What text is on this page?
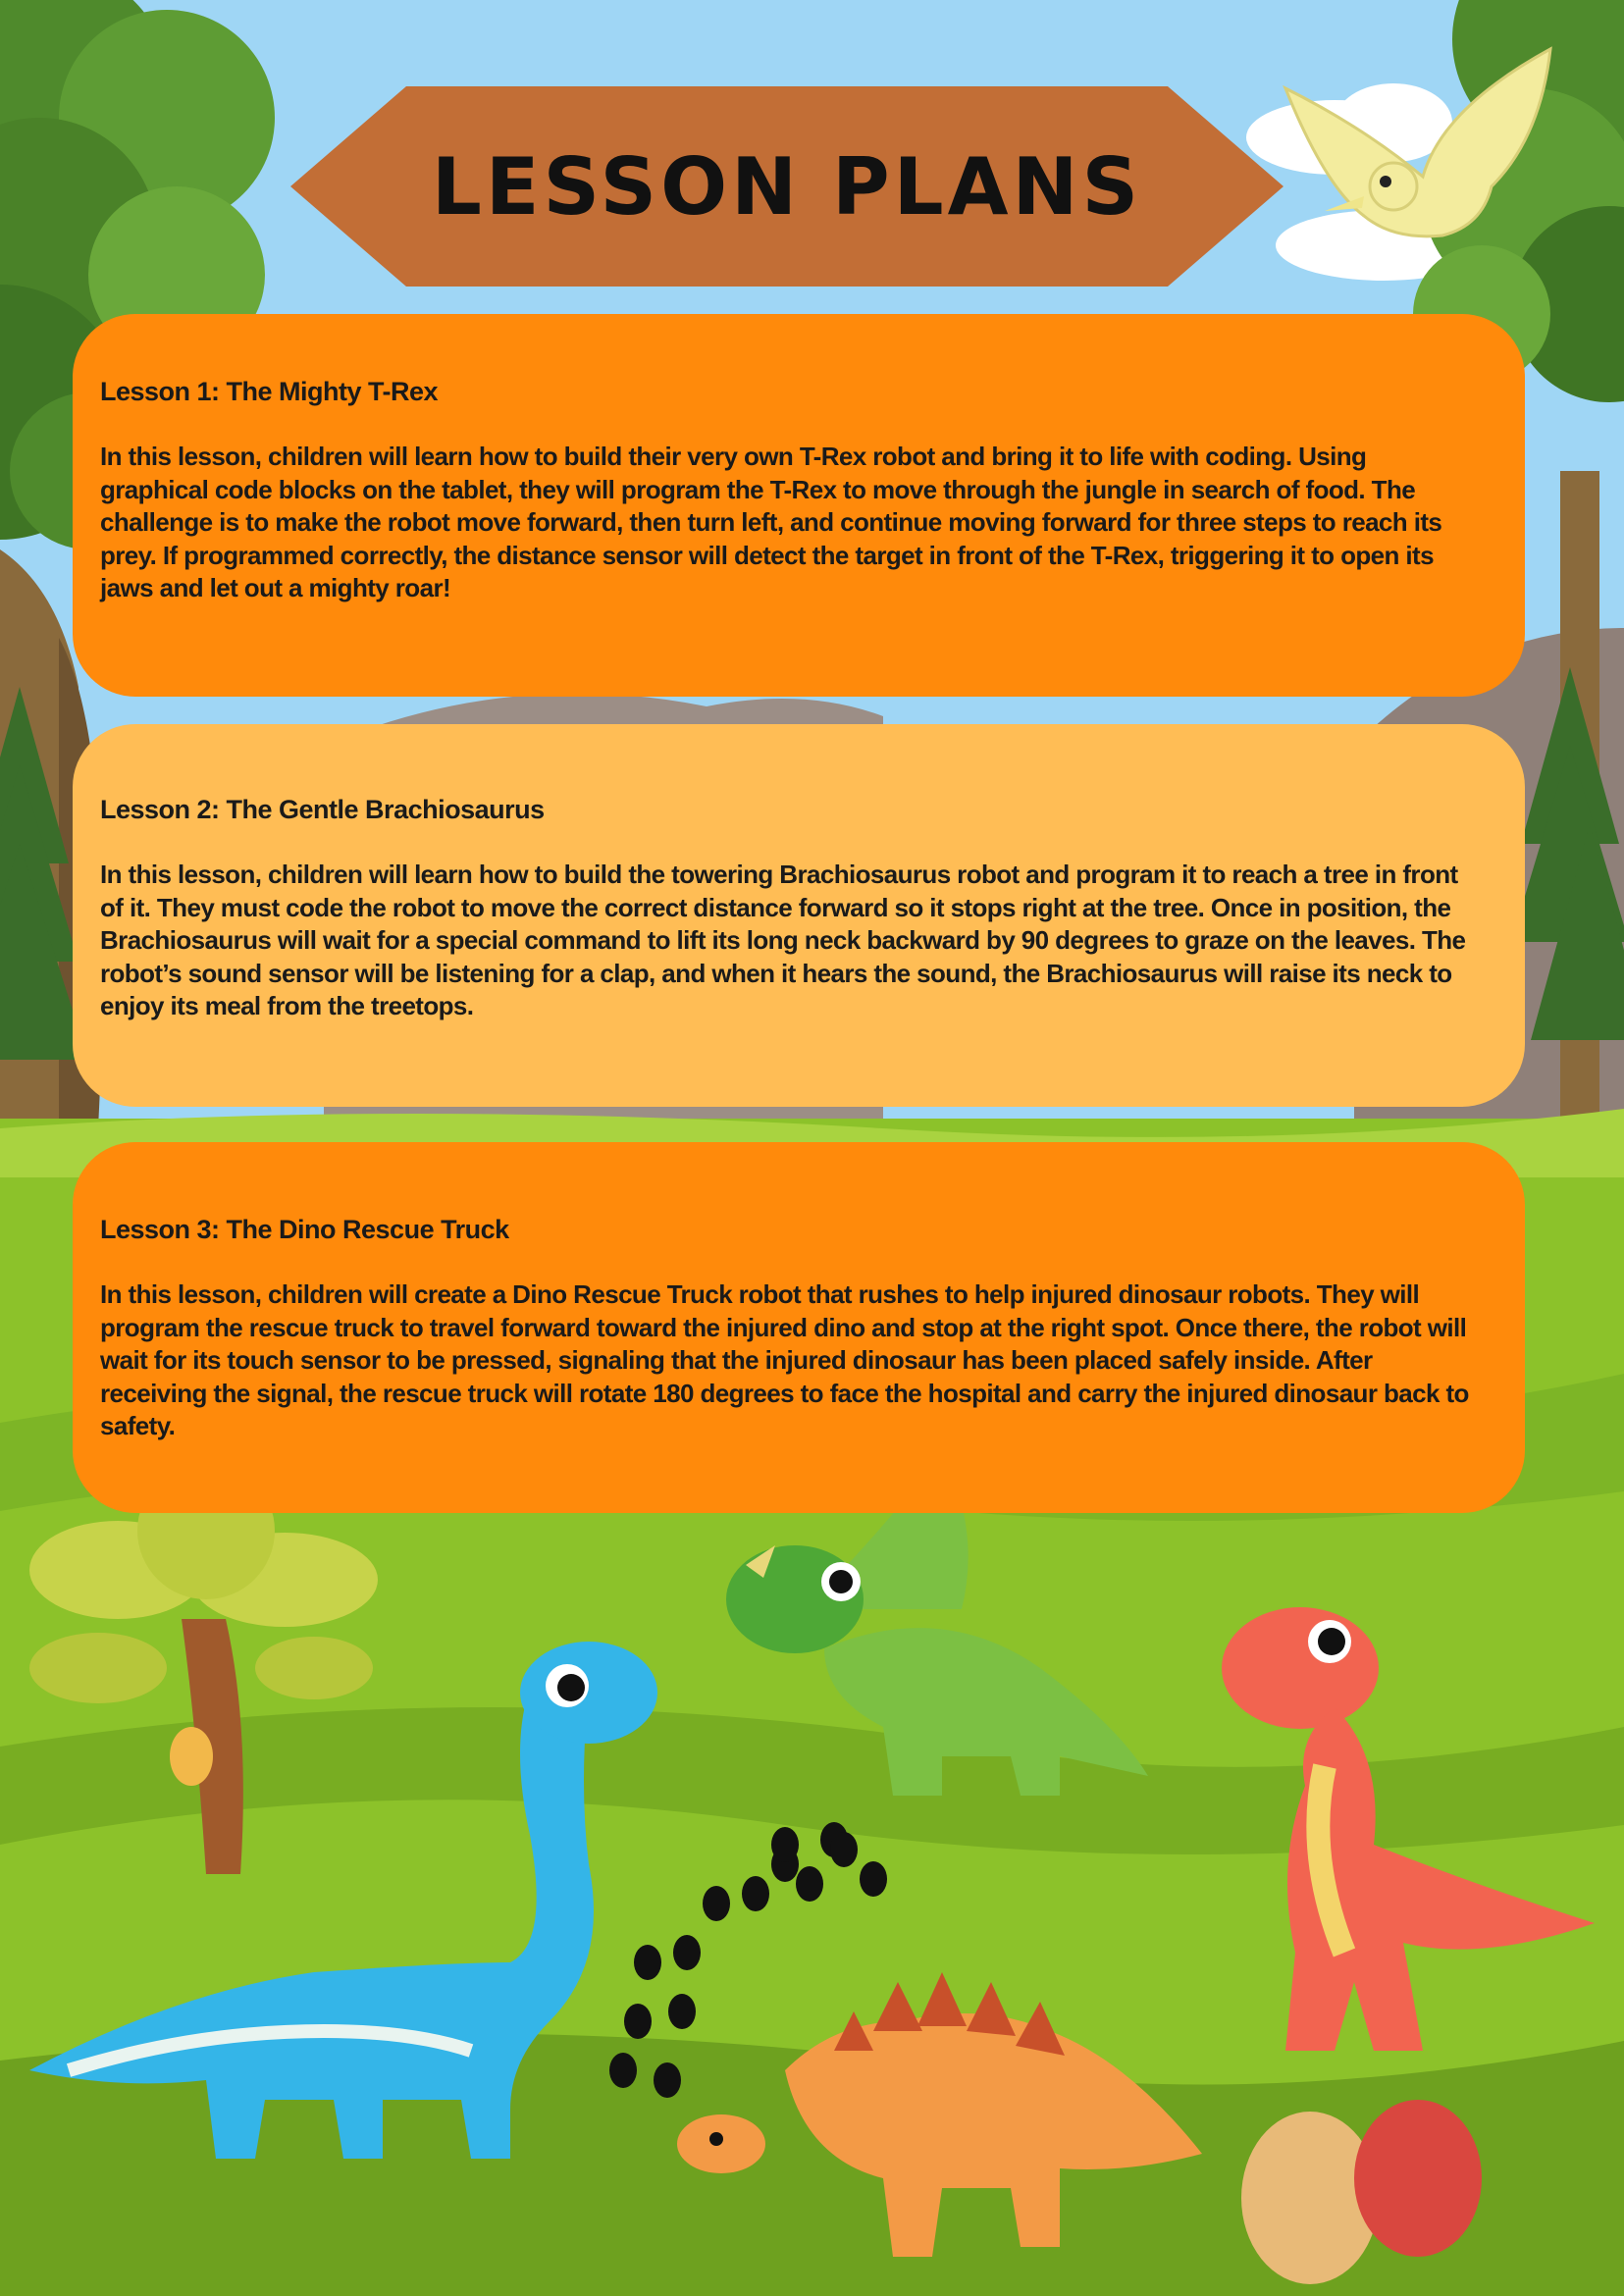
LESSON PLANS
Lesson 1: The Mighty T-Rex
In this lesson, children will learn how to build their very own T-Rex robot and bring it to life with coding. Using graphical code blocks on the tablet, they will program the T-Rex to move through the jungle in search of food. The challenge is to make the robot move forward, then turn left, and continue moving forward for three steps to reach its prey. If programmed correctly, the distance sensor will detect the target in front of the T-Rex, triggering it to open its jaws and let out a mighty roar!
Lesson 2: The Gentle Brachiosaurus
In this lesson, children will learn how to build the towering Brachiosaurus robot and program it to reach a tree in front of it. They must code the robot to move the correct distance forward so it stops right at the tree. Once in position, the Brachiosaurus will wait for a special command to lift its long neck backward by 90 degrees to graze on the leaves. The robot’s sound sensor will be listening for a clap, and when it hears the sound, the Brachiosaurus will raise its neck to enjoy its meal from the treetops.
Lesson 3: The Dino Rescue Truck
In this lesson, children will create a Dino Rescue Truck robot that rushes to help injured dinosaur robots. They will program the rescue truck to travel forward toward the injured dino and stop at the right spot. Once there, the robot will wait for its touch sensor to be pressed, signaling that the injured dinosaur has been placed safely inside. After receiving the signal, the rescue truck will rotate 180 degrees to face the hospital and carry the injured dinosaur back to safety.
